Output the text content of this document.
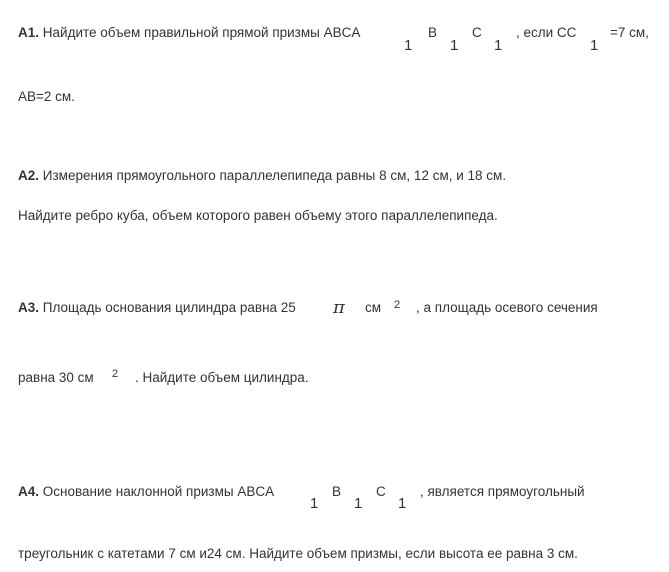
A1. Найдите объем правильной прямой призмы ABCA
1
B
1
C
1
, если CC
1
=7 см,
AB=2 см.
A2. Измерения прямоугольного параллелепипеда равны 8 см, 12 см, и 18 см.
Найдите ребро куба, объем которого равен объему этого параллелепипеда.
A3. Площадь основания цилиндра равна 25 π см 2 , а площадь осевого сечения
равна 30 см 2 . Найдите объем цилиндра.
A4. Основание наклонной призмы ABCA
1
B
1
C
1
, является прямоугольный
треугольник с катетами 7 см и24 см. Найдите объем призмы, если высота ее равна 3 см.
